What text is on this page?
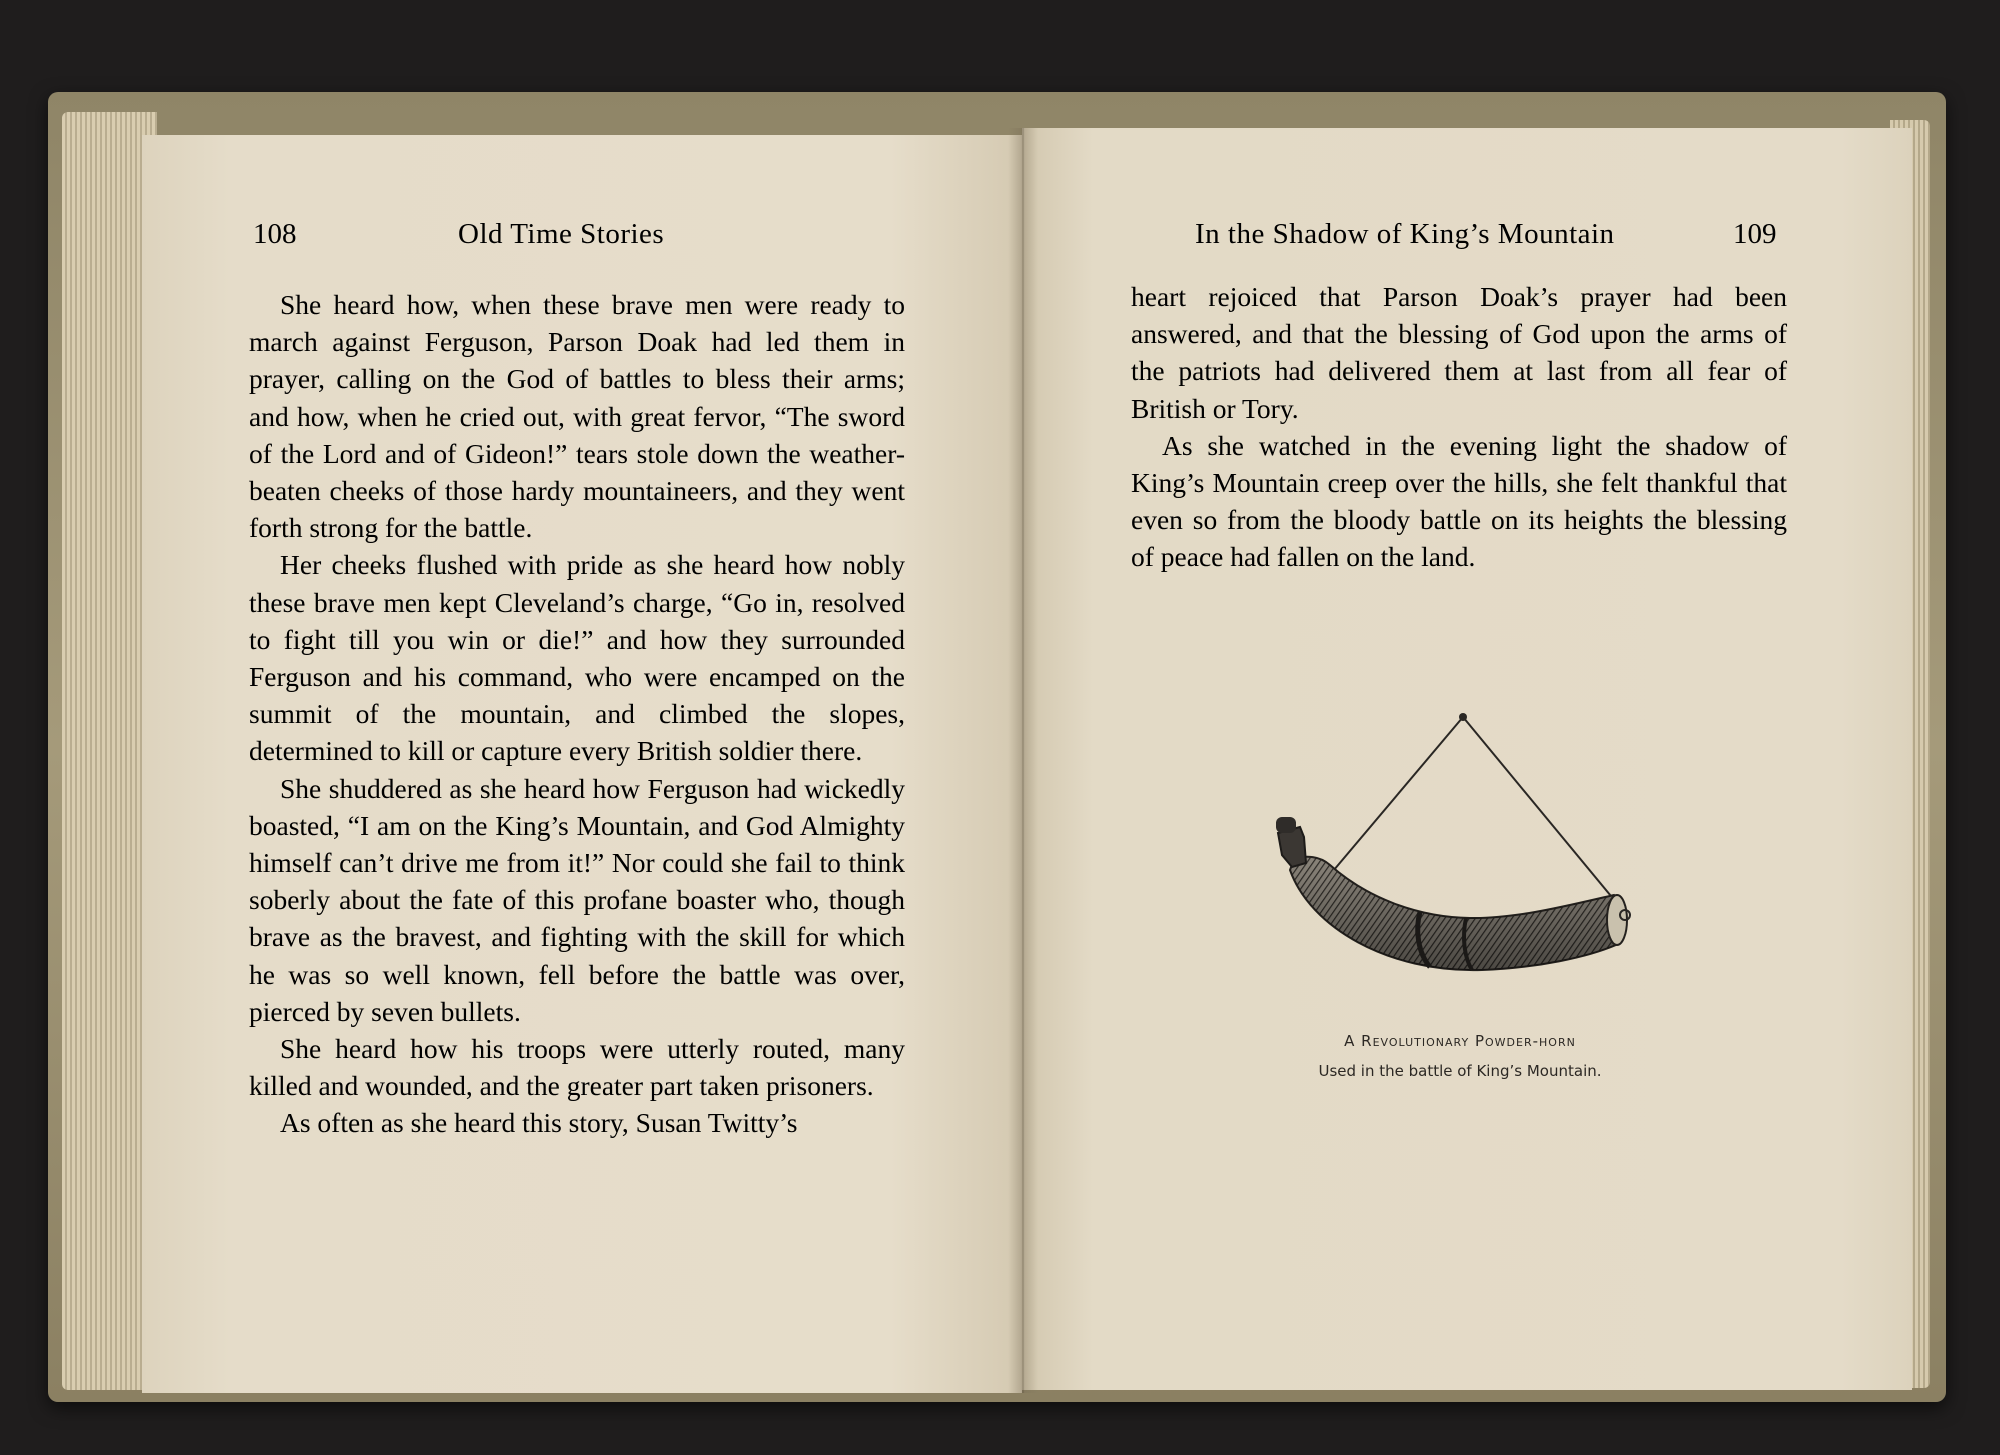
108	Old Time Stories

She heard how, when these brave men were ready to march against Ferguson, Parson Doak had led them in prayer, calling on the God of battles to bless their arms; and how, when he cried out, with great fervor, “The sword of the Lord and of Gideon!” tears stole down the weather-beaten cheeks of those hardy mountaineers, and they went forth strong for the battle.

Her cheeks flushed with pride as she heard how nobly these brave men kept Cleveland’s charge, “Go in, resolved to fight till you win or die!” and how they surrounded Ferguson and his command, who were encamped on the summit of the mountain, and climbed the slopes, determined to kill or capture every British soldier there.

She shuddered as she heard how Ferguson had wickedly boasted, “I am on the King’s Mountain, and God Almighty himself can’t drive me from it!” Nor could she fail to think soberly about the fate of this profane boaster who, though brave as the bravest, and fighting with the skill for which he was so well known, fell before the battle was over, pierced by seven bullets.

She heard how his troops were utterly routed, many killed and wounded, and the greater part taken prisoners.

As often as she heard this story, Susan Twitty’s

In the Shadow of King’s Mountain	109

heart rejoiced that Parson Doak’s prayer had been answered, and that the blessing of God upon the arms of the patriots had delivered them at last from all fear of British or Tory.

As she watched in the evening light the shadow of King’s Mountain creep over the hills, she felt thankful that even so from the bloody battle on its heights the blessing of peace had fallen on the land.

A Revolutionary Powder-horn
Used in the battle of King’s Mountain.
